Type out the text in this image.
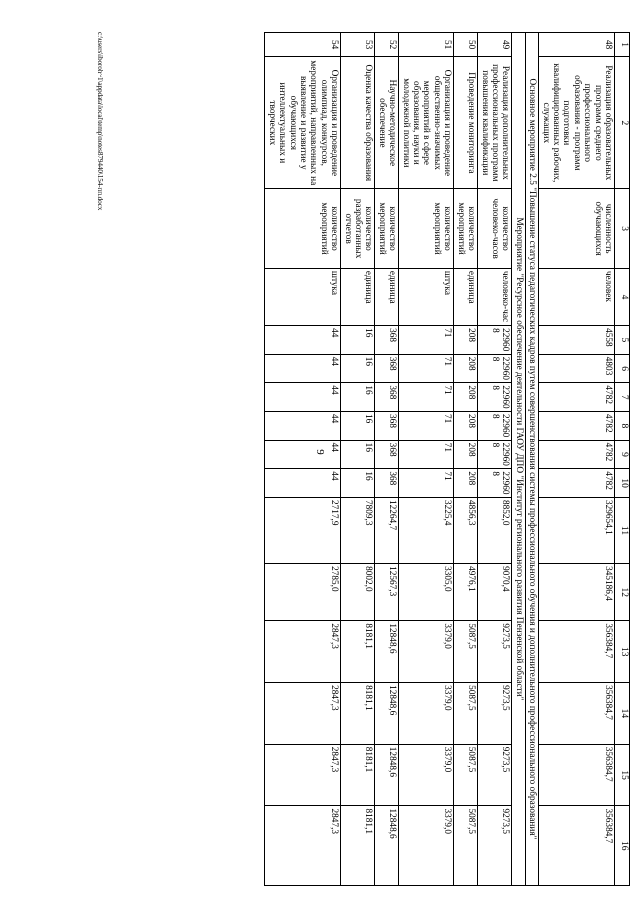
9
1	2	3	4	5	6	7	8	9	10	11	12	13	14	15	16
48	Реализация образовательных программ среднего профессионального образования - программ подготовки квалифицированных рабочих, служащих	численность обучающихся	человек	4558	4803	4782	4782	4782	4782	329654,1	345186,4	356384,7	356384,7	356384,7	356384,7
Основное мероприятие 2.5 "Повышение статуса педагогических кадров путем совершенствования системы профессионального обучения и дополнительного профессионального образования"															
Мероприятие "Ресурсное обеспечение деятельности ГАОУ ДПО "Институт регионального развития Пензенской области"															
49	Реализация дополнительных профессиональных программ повышения квалификации	количество человеко-часов	человеко-час	229608	229608	229608	229608	229608	229608	8852,0	9070,4	9273,5	9273,5	9273,5	9273,5
50	Проведение мониторинга	количество мероприятий	единица	208	208	208	208	208	208	4856,3	4976,1	5087,5	5087,5	5087,5	5087,5
51	Организация и проведение общественно-значимых мероприятий в сфере образования, науки и молодежной политики	количество мероприятий	штука	71	71	71	71	71	71	3225,4	3305,0	3379,0	3379,0	3379,0	3379,0
52	Научно-методическое обеспечение	количество мероприятий	единица	368	368	368	368	368	368	12264,7	12567,3	12848,6	12848,6	12848,6	12848,6
53	Оценка качества образования	количество разработанных отчетов	единица	16	16	16	16	16	16	7809,3	8002,0	8181,1	8181,1	8181,1	8181,1
54	Организация и проведение олимпиад, конкурсов, мероприятий, направленных на выявление и развитие у обучающихся интеллектуальных и творческих	количество мероприятий	штука	44	44	44	44	44	44	2717,9	2785,0	2847,3	2847,3	2847,3	2847,3
c:\users\iboroh~1\appdata\local\temp\notes879440\154-пп.docx
